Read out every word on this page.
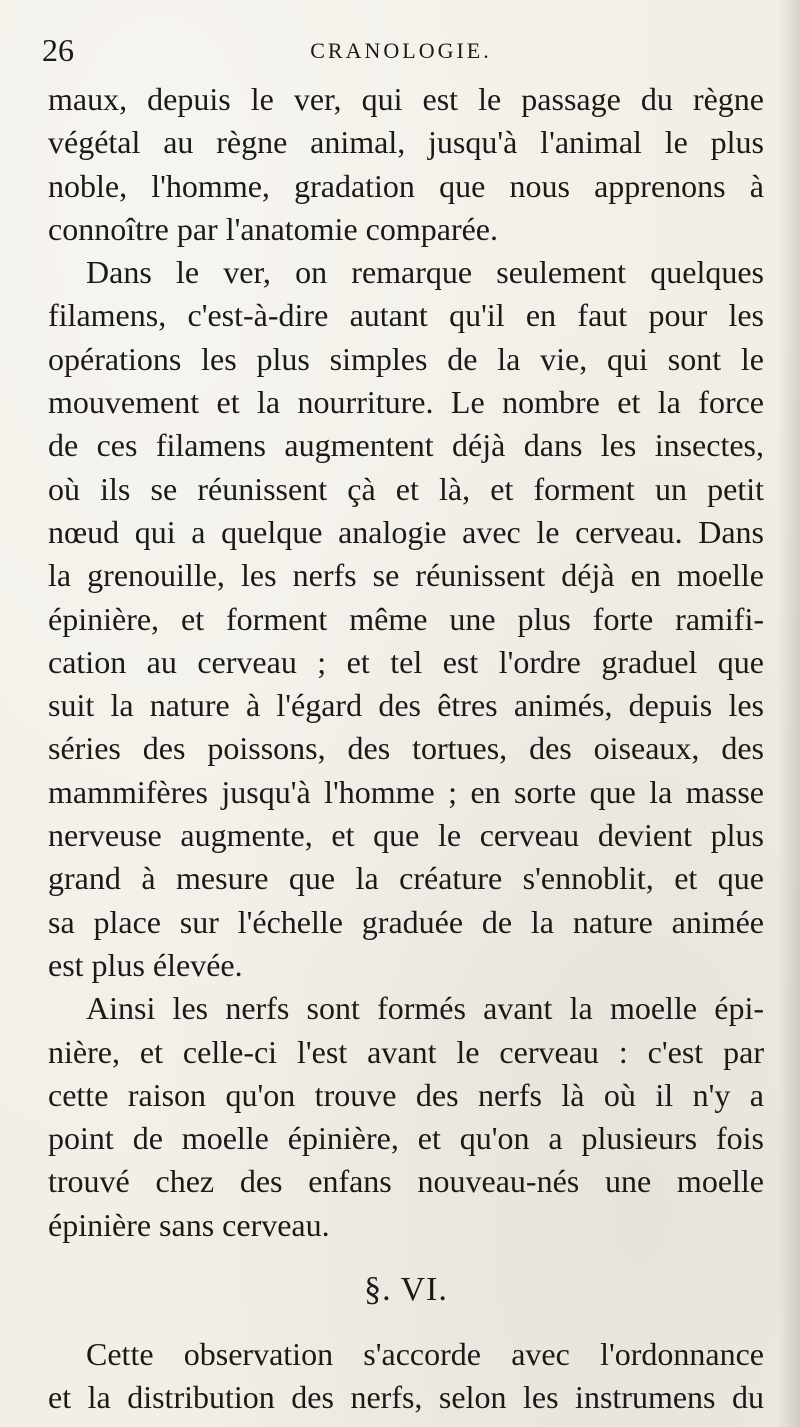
26	CRANOLOGIE.
maux, depuis le ver, qui est le passage du règne
végétal au règne animal, jusqu'à l'animal le plus
noble, l'homme, gradation que nous apprenons à
connoître par l'anatomie comparée.
Dans le ver, on remarque seulement quelques
filamens, c'est-à-dire autant qu'il en faut pour les
opérations les plus simples de la vie, qui sont le
mouvement et la nourriture. Le nombre et la force
de ces filamens augmentent déjà dans les insectes,
où ils se réunissent çà et là, et forment un petit
nœud qui a quelque analogie avec le cerveau. Dans
la grenouille, les nerfs se réunissent déjà en moelle
épinière, et forment même une plus forte ramifi-
cation au cerveau ; et tel est l'ordre graduel que
suit la nature à l'égard des êtres animés, depuis les
séries des poissons, des tortues, des oiseaux, des
mammifères jusqu'à l'homme ; en sorte que la masse
nerveuse augmente, et que le cerveau devient plus
grand à mesure que la créature s'ennoblit, et que
sa place sur l'échelle graduée de la nature animée
est plus élevée.
Ainsi les nerfs sont formés avant la moelle épi-
nière, et celle-ci l'est avant le cerveau : c'est par
cette raison qu'on trouve des nerfs là où il n'y a
point de moelle épinière, et qu'on a plusieurs fois
trouvé chez des enfans nouveau-nés une moelle
épinière sans cerveau.
§. VI.
Cette observation s'accorde avec l'ordonnance
et la distribution des nerfs, selon les instrumens du
